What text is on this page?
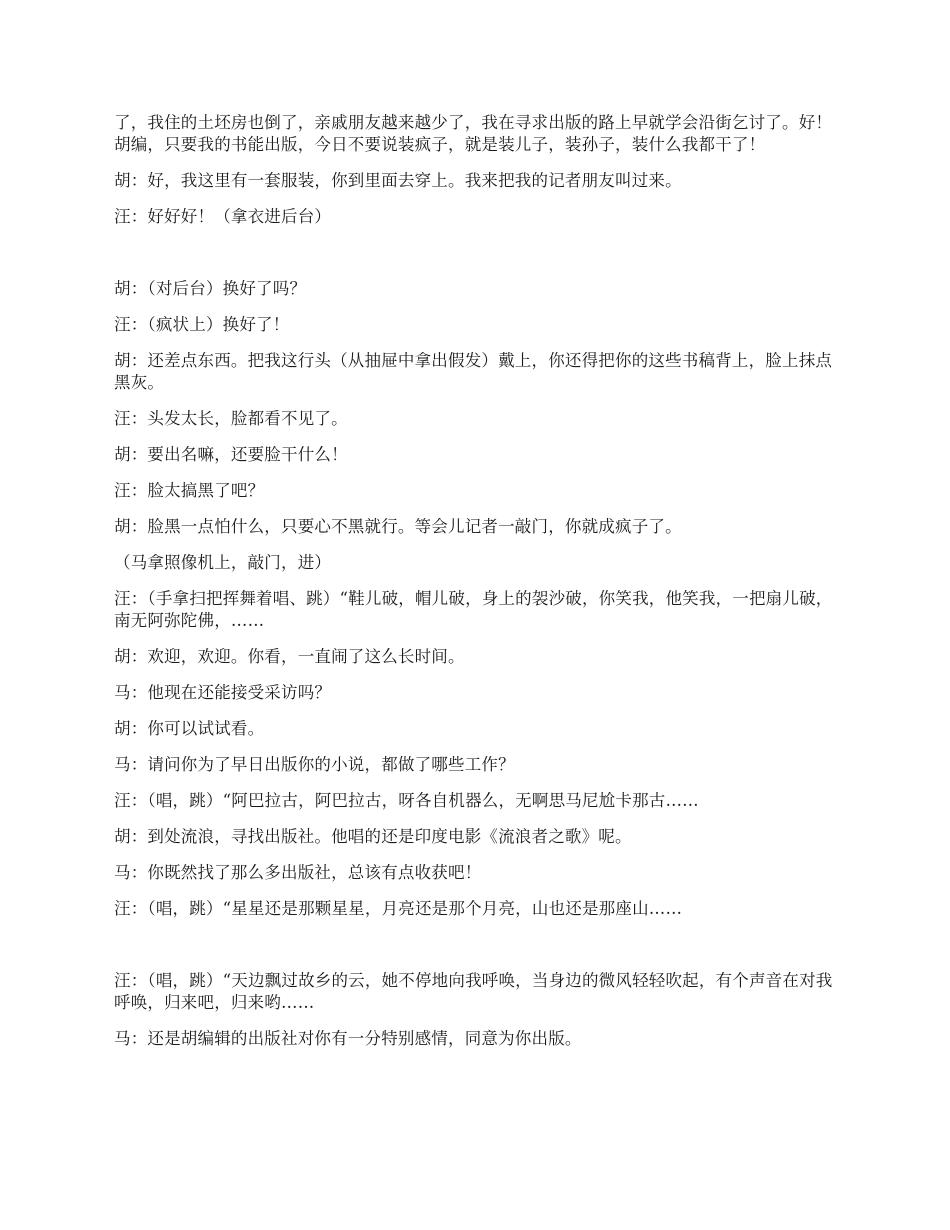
了，我住的土坯房也倒了，亲戚朋友越来越少了，我在寻求出版的路上早就学会沿街乞讨了。好！胡编，只要我的书能出版，今日不要说装疯子，就是装儿子，装孙子，装什么我都干了！

胡：好，我这里有一套服装，你到里面去穿上。我来把我的记者朋友叫过来。

汪：好好好！（拿衣进后台）

胡：（对后台）换好了吗？

汪：（疯状上）换好了！

胡：还差点东西。把我这行头（从抽屉中拿出假发）戴上，你还得把你的这些书稿背上，脸上抹点黑灰。

汪：头发太长，脸都看不见了。

胡：要出名嘛，还要脸干什么！

汪：脸太搞黑了吧？

胡：脸黑一点怕什么，只要心不黑就行。等会儿记者一敲门，你就成疯子了。

（马拿照像机上，敲门，进）

汪：（手拿扫把挥舞着唱、跳）“鞋儿破，帽儿破，身上的袈沙破，你笑我，他笑我，一把扇儿破，南无阿弥陀佛，……

胡：欢迎，欢迎。你看，一直闹了这么长时间。

马：他现在还能接受采访吗？

胡：你可以试试看。

马：请问你为了早日出版你的小说，都做了哪些工作？

汪：（唱，跳）“阿巴拉古，阿巴拉古，呀各自机器么，无啊思马尼尬卡那古……

胡：到处流浪，寻找出版社。他唱的还是印度电影《流浪者之歌》呢。

马：你既然找了那么多出版社，总该有点收获吧！

汪：（唱，跳）“星星还是那颗星星，月亮还是那个月亮，山也还是那座山……

汪：（唱，跳）“天边飘过故乡的云，她不停地向我呼唤，当身边的微风轻轻吹起，有个声音在对我呼唤，归来吧，归来哟……

马：还是胡编辑的出版社对你有一分特别感情，同意为你出版。
